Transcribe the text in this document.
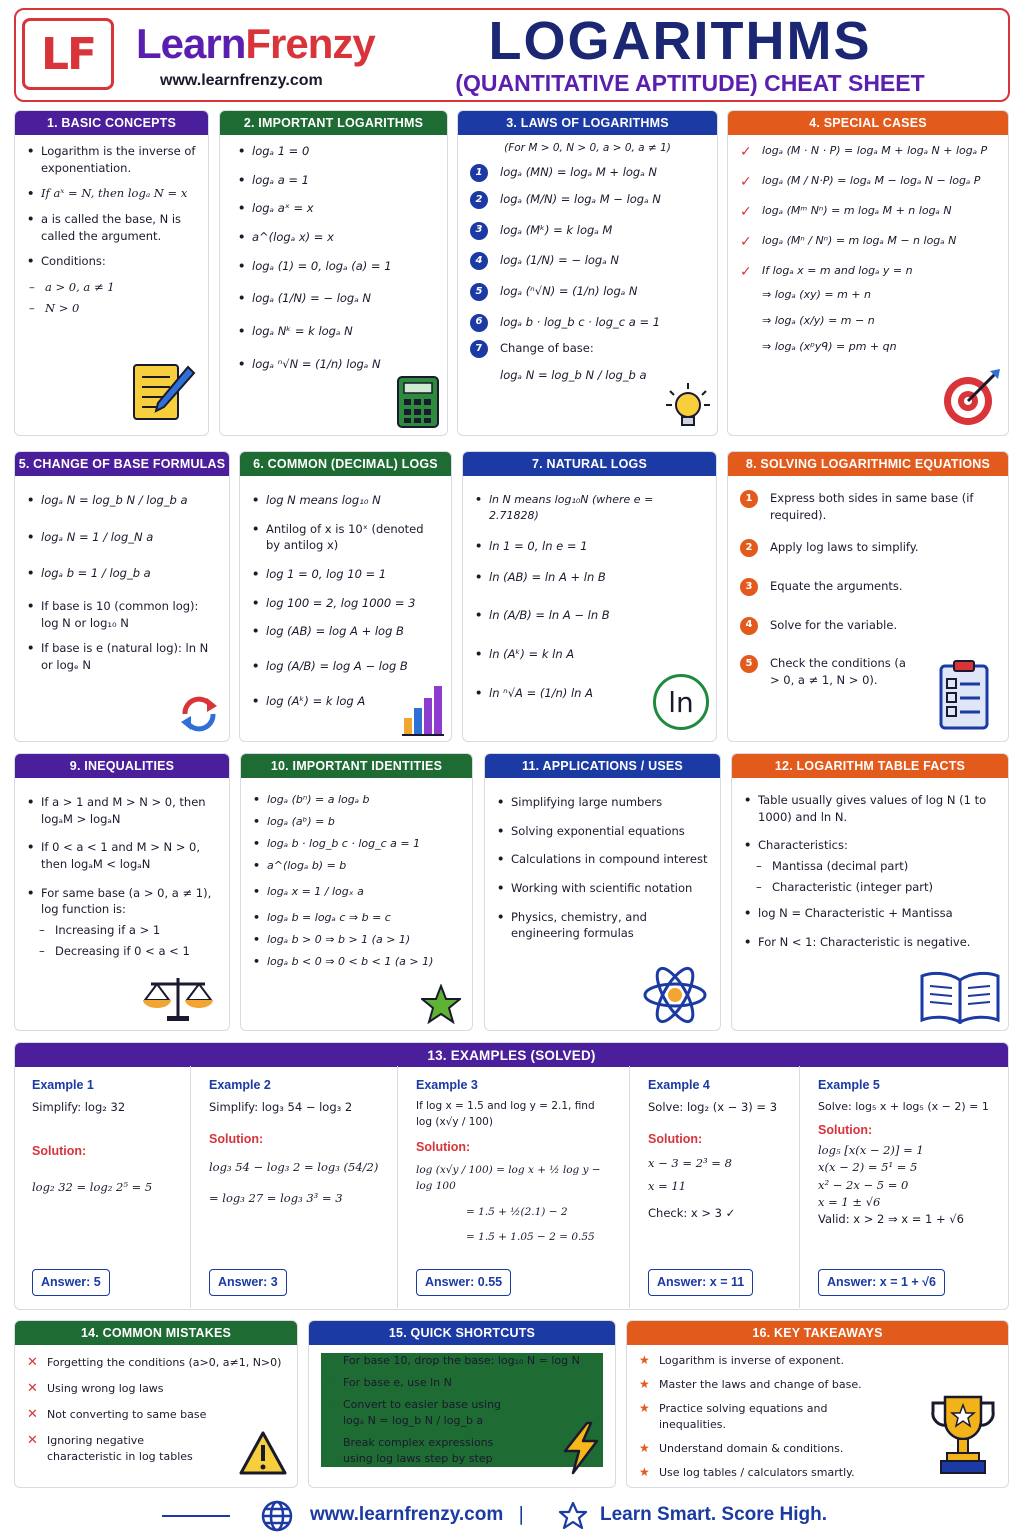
LF LearnFrenzy
www.learnfrenzy.com
LOGARITHMS
(QUANTITATIVE APTITUDE) CHEAT SHEET
1. BASIC CONCEPTS
• Logarithm is the inverse of exponentiation.
• If aˣ = N, then logₐ N = x
• a is called the base, N is called the argument.
• Conditions:
– a > 0, a ≠ 1
– N > 0
2. IMPORTANT LOGARITHMS
• logₐ 1 = 0
• logₐ a = 1
• logₐ aˣ = x
• a^(logₐ x) = x
• logₐ (1) = 0, logₐ (a) = 1
• logₐ (1/N) = − logₐ N
• logₐ Nᵏ = k logₐ N
• logₐ ⁿ√N = (1/n) logₐ N
3. LAWS OF LOGARITHMS
(For M > 0, N > 0, a > 0, a ≠ 1)
1	logₐ (MN) = logₐ M + logₐ N
2	logₐ (M/N) = logₐ M − logₐ N
3	logₐ (Mᵏ) = k logₐ M
4	logₐ (1/N) = − logₐ N
5	logₐ (ⁿ√N) = (1/n) logₐ N
6	logₐ b · log_b c · log_c a = 1
7	Change of base:
logₐ N = log_b N / log_b a
4. SPECIAL CASES
✓ logₐ (M · N · P) = logₐ M + logₐ N + logₐ P
✓ logₐ (M / N·P) = logₐ M − logₐ N − logₐ P
✓ logₐ (Mᵐ Nⁿ) = m logₐ M + n logₐ N
✓ logₐ (Mⁿ / Nⁿ) = m logₐ M − n logₐ N
✓ If logₐ x = m and logₐ y = n
⇒ logₐ (xy) = m + n
⇒ logₐ (x/y) = m − n
⇒ logₐ (xᵖyᑫ) = pm + qn
5. CHANGE OF BASE FORMULAS
• logₐ N = log_b N / log_b a
• logₐ N = 1 / log_N a
• logₐ b = 1 / log_b a
• If base is 10 (common log): log N or log₁₀ N
• If base is e (natural log): ln N or logₑ N
6. COMMON (DECIMAL) LOGS
• log N means log₁₀ N
• Antilog of x is 10ˣ (denoted by antilog x)
• log 1 = 0, log 10 = 1
• log 100 = 2, log 1000 = 3
• log (AB) = log A + log B
• log (A/B) = log A − log B
• log (Aᵏ) = k log A
7. NATURAL LOGS
• ln N means log₁₀N (where e = 2.71828)
• ln 1 = 0, ln e = 1
• ln (AB) = ln A + ln B
• ln (A/B) = ln A − ln B
• ln (Aᵏ) = k ln A
• ln ⁿ√A = (1/n) ln A	ln
8. SOLVING LOGARITHMIC EQUATIONS
1	Express both sides in same base (if required).
2	Apply log laws to simplify.
3	Equate the arguments.
4	Solve for the variable.
5	Check the conditions (a > 0, a ≠ 1, N > 0).
9. INEQUALITIES
• If a > 1 and M > N > 0, then logₐM > logₐN
• If 0 < a < 1 and M > N > 0, then logₐM < logₐN
• For same base (a > 0, a ≠ 1), log function is:
– Increasing if a > 1
– Decreasing if 0 < a < 1
10. IMPORTANT IDENTITIES
• logₐ (bⁿ) = a logₐ b
• logₐ (aᵇ) = b
• logₐ b · log_b c · log_c a = 1
• a^(logₐ b) = b
• logₐ x = 1 / logₓ a
• logₐ b = logₐ c ⇒ b = c
• logₐ b > 0 ⇒ b > 1 (a > 1)
• logₐ b < 0 ⇒ 0 < b < 1 (a > 1)
11. APPLICATIONS / USES
• Simplifying large numbers
• Solving exponential equations
• Calculations in compound interest
• Working with scientific notation
• Physics, chemistry, and engineering formulas
12. LOGARITHM TABLE FACTS
• Table usually gives values of log N (1 to 1000) and ln N.
• Characteristics:
– Mantissa (decimal part)
– Characteristic (integer part)
• log N = Characteristic + Mantissa
• For N < 1: Characteristic is negative.
13. EXAMPLES (SOLVED)
Example 1
Simplify: log₂ 32
Solution:
log₂ 32 = log₂ 2⁵ = 5
Answer: 5
Example 2
Simplify: log₃ 54 − log₃ 2
Solution:
log₃ 54 − log₃ 2 = log₃ (54/2)
= log₃ 27 = log₃ 3³ = 3
Answer: 3
Example 3
If log x = 1.5 and log y = 2.1, find log (x√y / 100)
Solution:
log (x√y / 100) = log x + ½ log y − log 100
= 1.5 + ½(2.1) − 2
= 1.5 + 1.05 − 2 = 0.55
Answer: 0.55
Example 4
Solve: log₂ (x − 3) = 3
Solution:
x − 3 = 2³ = 8
x = 11
Check: x > 3 ✓
Answer: x = 11
Example 5
Solve: log₅ x + log₅ (x − 2) = 1
Solution:
log₅ [x(x − 2)] = 1
x(x − 2) = 5¹ = 5
x² − 2x − 5 = 0
x = 1 ± √6
Valid: x > 2 ⇒ x = 1 + √6
Answer: x = 1 + √6
14. COMMON MISTAKES
✕ Forgetting the conditions (a>0, a≠1, N>0)
✕ Using wrong log laws
✕ Not converting to same base
✕ Ignoring negative characteristic in log tables
15. QUICK SHORTCUTS
✓ For base 10, drop the base: log₁₀ N = log N
✓ For base e, use ln N
✓ Convert to easier base using logₐ N = log_b N / log_b a
✓ Break complex expressions using log laws step by step
16. KEY TAKEAWAYS
★ Logarithm is inverse of exponent.
★ Master the laws and change of base.
★ Practice solving equations and inequalities.
★ Understand domain & conditions.
★ Use log tables / calculators smartly.
www.learnfrenzy.com |	Learn Smart. Score High.
